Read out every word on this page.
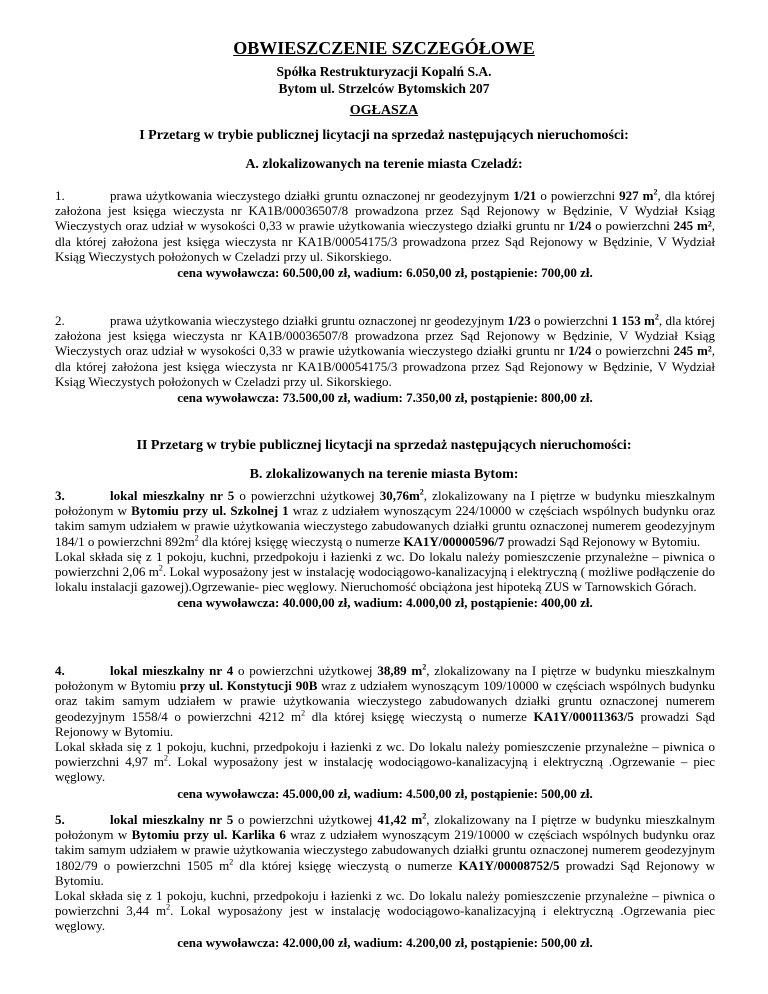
OBWIESZCZENIE SZCZEGÓŁOWE
Spółka Restrukturyzacji Kopalń S.A.
Bytom ul. Strzelców Bytomskich 207
OGŁASZA
I Przetarg w trybie publicznej licytacji na sprzedaż następujących nieruchomości:
A. zlokalizowanych na terenie miasta Czeladź:

1.	prawa użytkowania wieczystego działki gruntu oznaczonej nr geodezyjnym 1/21 o powierzchni 927 $m^2$, dla której założona jest księga wieczysta nr KA1B/00036507/8 prowadzona przez Sąd Rejonowy w Będzinie, V Wydział Ksiąg Wieczystych oraz udział w wysokości 0,33 w prawie użytkowania wieczystego działki gruntu nr 1/24 o powierzchni 245 m², dla której założona jest księga wieczysta nr KA1B/00054175/3 prowadzona przez Sąd Rejonowy w Będzinie, V Wydział Ksiąg Wieczystych położonych w Czeladzi przy ul. Sikorskiego.

cena wywoławcza: 60.500,00 zł, wadium: 6.050,00 zł, postąpienie: 700,00 zł.

2.	prawa użytkowania wieczystego działki gruntu oznaczonej nr geodezyjnym 1/23 o powierzchni 1 153 $m^2$, dla której założona jest księga wieczysta nr KA1B/00036507/8 prowadzona przez Sąd Rejonowy w Będzinie, V Wydział Ksiąg Wieczystych oraz udział w wysokości 0,33 w prawie użytkowania wieczystego działki gruntu nr 1/24 o powierzchni 245 m², dla której założona jest księga wieczysta nr KA1B/00054175/3 prowadzona przez Sąd Rejonowy w Będzinie, V Wydział Ksiąg Wieczystych położonych w Czeladzi przy ul. Sikorskiego.

cena wywoławcza: 73.500,00 zł, wadium: 7.350,00 zł, postąpienie: 800,00 zł.
II Przetarg w trybie publicznej licytacji na sprzedaż następujących nieruchomości:
B. zlokalizowanych na terenie miasta Bytom:

3.	lokal mieszkalny nr 5 o powierzchni użytkowej $30,76m^2$, zlokalizowany na I piętrze w budynku mieszkalnym położonym w Bytomiu przy ul. Szkolnej 1 wraz z udziałem wynoszącym 224/10000 w częściach wspólnych budynku oraz takim samym udziałem w prawie użytkowania wieczystego zabudowanych działki gruntu oznaczonej numerem geodezyjnym 184/1 o powierzchni $892m^2$ dla której księgę wieczystą o numerze KA1Y/00000596/7 prowadzi Sąd Rejonowy w Bytomiu.

Lokal składa się z 1 pokoju, kuchni, przedpokoju i łazienki z wc. Do lokalu należy pomieszczenie przynależne – piwnica o powierzchni 2,06 $m^2$. Lokal wyposażony jest w instalację wodociągowo-kanalizacyjną i elektryczną ( możliwe podłączenie do lokalu instalacji gazowej).Ogrzewanie- piec węglowy. Nieruchomość obciążona jest hipoteką ZUS w Tarnowskich Górach.

cena wywoławcza: 40.000,00 zł, wadium: 4.000,00 zł, postąpienie: 400,00 zł.

4.	lokal mieszkalny nr 4 o powierzchni użytkowej 38,89 $m^2$, zlokalizowany na I piętrze w budynku mieszkalnym położonym w Bytomiu przy ul. Konstytucji 90B wraz z udziałem wynoszącym 109/10000 w częściach wspólnych budynku oraz takim samym udziałem w prawie użytkowania wieczystego zabudowanych działki gruntu oznaczonej numerem geodezyjnym 1558/4 o powierzchni 4212 $m^2$ dla której księgę wieczystą o numerze KA1Y/00011363/5 prowadzi Sąd Rejonowy w Bytomiu.

Lokal składa się z 1 pokoju, kuchni, przedpokoju i łazienki z wc. Do lokalu należy pomieszczenie przynależne – piwnica o powierzchni 4,97 $m^2$. Lokal wyposażony jest w instalację wodociągowo-kanalizacyjną i elektryczną .Ogrzewanie – piec węglowy.

cena wywoławcza: 45.000,00 zł, wadium: 4.500,00 zł, postąpienie: 500,00 zł.

5.	lokal mieszkalny nr 5 o powierzchni użytkowej 41,42 $m^2$, zlokalizowany na I piętrze w budynku mieszkalnym położonym w Bytomiu przy ul. Karlika 6 wraz z udziałem wynoszącym 219/10000 w częściach wspólnych budynku oraz takim samym udziałem w prawie użytkowania wieczystego zabudowanych działki gruntu oznaczonej numerem geodezyjnym 1802/79 o powierzchni 1505 $m^2$ dla której księgę wieczystą o numerze KA1Y/00008752/5 prowadzi Sąd Rejonowy w Bytomiu.

Lokal składa się z 1 pokoju, kuchni, przedpokoju i łazienki z wc. Do lokalu należy pomieszczenie przynależne – piwnica o powierzchni 3,44 $m^2$. Lokal wyposażony jest w instalację wodociągowo-kanalizacyjną i elektryczną .Ogrzewania piec węglowy.

cena wywoławcza: 42.000,00 zł, wadium: 4.200,00 zł, postąpienie: 500,00 zł.
